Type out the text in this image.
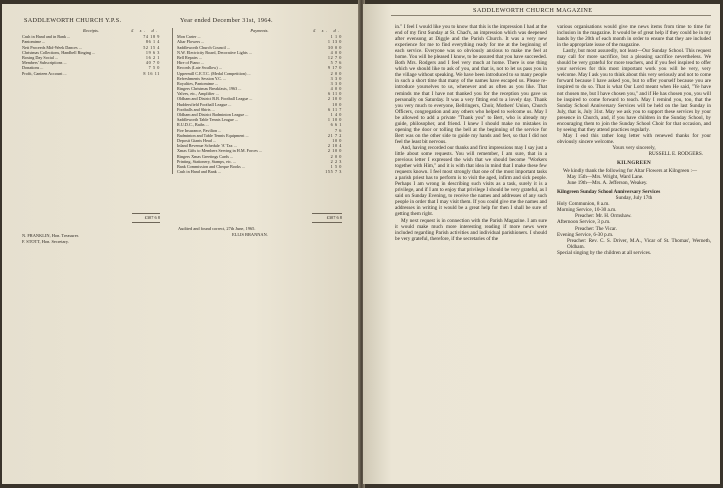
SADDLEWORTH CHURCH Y.P.S.	Year ended December 31st, 1964.
Receipts.	£ s. d.
Cash in Hand and in Bank ...	74 18 9
Pantomime ...	86 1 4
Nett Proceeds Mid-Week Dances ...	52 15 4
Christmas Collections, Handbell Ringing ...	19 6 3
Boxing Day Social ...	16 2 1
Members' Subscriptions ...	40 7 0
Donations ...	7 5 0
Profit, Canteen Account ...	8 16 11
Payments.	£ s. d.
Mon Carter ...	1 1 0
Altar Flowers ...	1 13 0
Saddleworth Church Council ...	30 0 0
N.W. Electricity Board, Decorative Lights ...	4 0 0
Bell Repairs ...	12 7 0
Hire of Piano ...	5 7 6
Records (Late Swallow) ...	9 17 0
Uppermill C.E.T.C. (Medal Competition) ...	2 0 0
Refreshments Session Y.C. ...	3 3 0
Royalties, Pantomime ...	3 3 0
Ringers Christmas Breakfasts, 1963 ...	4 0 0
Valves, etc., Amplifier ...	6 11 0
Oldham and District B.B. Football League ...	2 10 0
Huddersfield Football League ...	10 0
Footballs and Shirts ...	6 11 7
Oldham and District Badminton League ...	1 4 0
Saddleworth Table Tennis League ...	1 10 0
R.U.D.C., Baths ...	6 6 1
Fire Insurance, Pavilion ...	7 6
Badminton and Table Tennis Equipment ...	21 7 2
Deposit Giants Head ...	10 0
Inland Revenue Schedule 'A' Tax ...	2 10 4
Xmas Gifts to Members Serving in H.M. Forces ...	2 10 0
Ringers Xmas Greetings Cards ...	2 0 0
Printing, Stationery, Stamps, etc. ...	2 2 3
Bank Commission and Cheque Books ...	1 5 0
Cash in Hand and Bank ...	155 7 3
£307 6 8	£307 6 8
Audited and found correct, 27th June, 1965.
ELLIS BRANNAN.
N. FRANKLIN, Hon. Treasurer.
F. STOTT, Hon. Secretary.
SADDLEWORTH CHURCH MAGAZINE

in." I feel I would like you to know that this is the impression I had at the end of my first Sunday at St. Chad's, an impression which was deepened after evensong at Diggle and the Parish Church. It was a very new experience for me to find everything ready for me at the beginning of each service. Everyone was so obviously anxious to make me feel at home. You will be pleased I know, to be assured that you have succeeded. Both Mrs. Rodgers and I feel very much at home. There is one thing which we should like to ask of you, and that is, not to let us pass you in the village without speaking. We have been introduced to so many people in such a short time that many of the names have escaped us. Please re-introduce yourselves to us, whenever and as often as you like. That reminds me that I have not thanked you for the reception you gave us personally on Saturday. It was a very fitting end to a lovely day. Thank you very much to everyone, Bellringers, Choir, Mothers' Union, Church Officers, congregation and any others who helped to welcome us. May I be allowed to add a private "Thank you" to Bert, who is already my guide, philosopher, and friend. I knew I should make no mistakes in opening the door or tolling the bell at the beginning of the service for Bert was on the other side to guide my hands and feet, so that I did not feel the least bit nervous.

And, having recorded our thanks and first impressions may I say just a little about some requests. You will remember, I am sure, that in a previous letter I expressed the wish that we should become "Workers together with Him," and it is with that idea in mind that I make these few requests known. I feel most strongly that one of the most important tasks a parish priest has to perform is to visit the aged, infirm and sick people. Perhaps I am wrong in describing such visits as a task, surely it is a privilege, and if I am to enjoy that privilege I should be very grateful, as I said on Sunday Evening, to receive the names and addresses of any such people in order that I may visit them. If you could give me the names and addresses in writing it would be a great help for then I shall be sure of getting them right.

My next request is in connection with the Parish Magazine. I am sure it would make much more interesting reading if more news were included regarding Parish activities and individual parishioners. I should be very grateful, therefore, if the secretaries of the

various organisations would give me news items from time to time for inclusion in the magazine. It would be of great help if they could be in my hands by the 20th of each month in order to ensure that they are included in the appropriate issue of the magazine.

Lastly, but most assuredly, not least—Our Sunday School. This request may call for more sacrifice, but a pleasing sacrifice nevertheless. We should be very grateful for more teachers, and if you feel inspired to offer your services for this most important work you will be very, very welcome. May I ask you to think about this very seriously and not to come forward because I have asked you, but to offer yourself because you are inspired to do so. That is what Our Lord meant when He said, "Ye have not chosen me, but I have chosen you," and if He has chosen you, you will be inspired to come forward to teach. May I remind you, too, that the Sunday School Anniversary Services will be held on the last Sunday in July, that is, July 31st. May we ask you to support these services by your presence in Church, and, if you have children in the Sunday School, by encouraging them to join the Sunday School Choir for that occasion, and by seeing that they attend practices regularly.

May I end this rather long letter with renewed thanks for your obviously sincere welcome.

Yours very sincerely,

RUSSELL E. RODGERS.

KILNGREEN

We kindly thank the following for Altar Flowers at Kilngreen :—

May 15th—Mrs. Wright, Ward Lane.

June 19th—Mrs. A. Jefferson, Weakey.

Kilngreen Sunday School Anniversary Services

Sunday, July 17th

Holy Communion, 8 a.m.

Morning Service, 10-30 a.m.

Preacher: Mr. H. Ormshaw.

Afternoon Service, 3 p.m.

Preacher: The Vicar.

Evening Service, 6-30 p.m.

Preacher: Rev. C. S. Driver, M.A., Vicar of St. Thomas', Werneth, Oldham.

Special singing by the children at all services.
